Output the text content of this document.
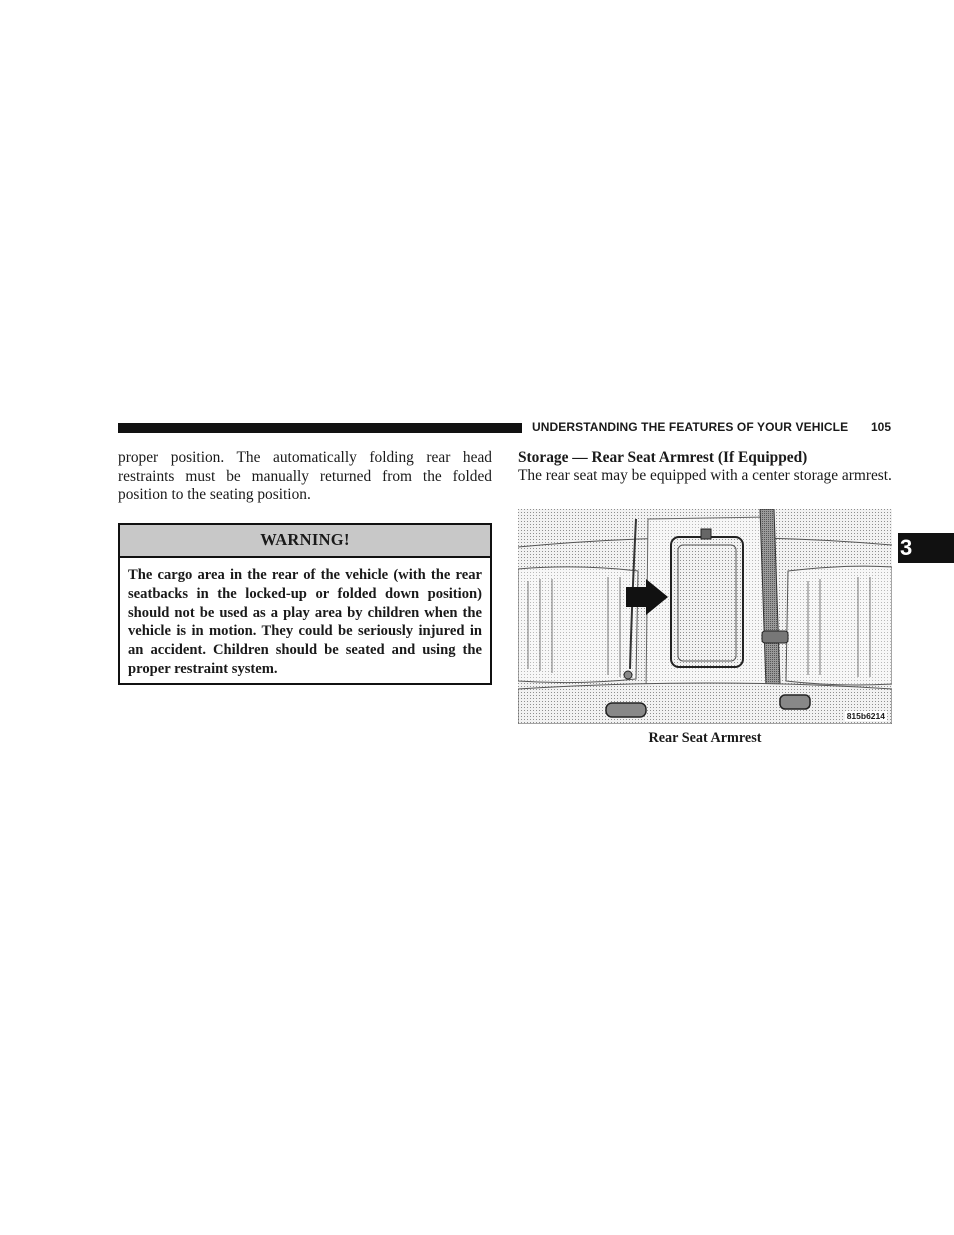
UNDERSTANDING THE FEATURES OF YOUR VEHICLE 105
3

proper position. The automatically folding rear head restraints must be manually returned from the folded position to the seating position.

WARNING!

The cargo area in the rear of the vehicle (with the rear seatbacks in the locked-up or folded down position) should not be used as a play area by children when the vehicle is in motion. They could be seriously injured in an accident. Children should be seated and using the proper restraint system.

Storage — Rear Seat Armrest (If Equipped)

The rear seat may be equipped with a center storage armrest.

815b6214
Rear Seat Armrest
